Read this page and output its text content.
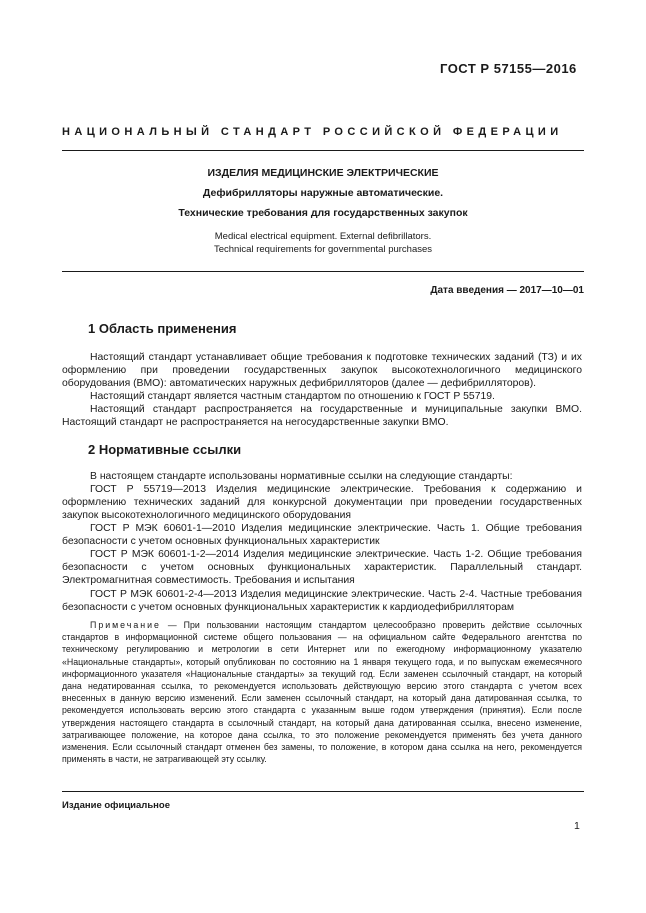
ГОСТ Р 57155—2016
НАЦИОНАЛЬНЫЙ СТАНДАРТ РОССИЙСКОЙ ФЕДЕРАЦИИ
ИЗДЕЛИЯ МЕДИЦИНСКИЕ ЭЛЕКТРИЧЕСКИЕ
Дефибрилляторы наружные автоматические.
Технические требования для государственных закупок
Medical electrical equipment. External defibrillators.
Technical requirements for governmental purchases
Дата введения — 2017—10—01
1 Область применения

Настоящий стандарт устанавливает общие требования к подготовке технических заданий (ТЗ) и их оформлению при проведении государственных закупок высокотехнологичного медицинского оборудования (ВМО): автоматических наружных дефибрилляторов (далее — дефибрилляторов).

Настоящий стандарт является частным стандартом по отношению к ГОСТ Р 55719.

Настоящий стандарт распространяется на государственные и муниципальные закупки ВМО. Настоящий стандарт не распространяется на негосударственные закупки ВМО.

2 Нормативные ссылки

В настоящем стандарте использованы нормативные ссылки на следующие стандарты:

ГОСТ Р 55719—2013 Изделия медицинские электрические. Требования к содержанию и оформлению технических заданий для конкурсной документации при проведении государственных закупок высокотехнологичного медицинского оборудования

ГОСТ Р МЭК 60601-1—2010 Изделия медицинские электрические. Часть 1. Общие требования безопасности с учетом основных функциональных характеристик

ГОСТ Р МЭК 60601-1-2—2014 Изделия медицинские электрические. Часть 1-2. Общие требования безопасности с учетом основных функциональных характеристик. Параллельный стандарт. Электромагнитная совместимость. Требования и испытания

ГОСТ Р МЭК 60601-2-4—2013 Изделия медицинские электрические. Часть 2-4. Частные требования безопасности с учетом основных функциональных характеристик к кардиодефибрилляторам

Примечание — При пользовании настоящим стандартом целесообразно проверить действие ссылочных стандартов в информационной системе общего пользования — на официальном сайте Федерального агентства по техническому регулированию и метрологии в сети Интернет или по ежегодному информационному указателю «Национальные стандарты», который опубликован по состоянию на 1 января текущего года, и по выпускам ежемесячного информационного указателя «Национальные стандарты» за текущий год. Если заменен ссылочный стандарт, на который дана недатированная ссылка, то рекомендуется использовать действующую версию этого стандарта с учетом всех внесенных в данную версию изменений. Если заменен ссылочный стандарт, на который дана датированная ссылка, то рекомендуется использовать версию этого стандарта с указанным выше годом утверждения (принятия). Если после утверждения настоящего стандарта в ссылочный стандарт, на который дана датированная ссылка, внесено изменение, затрагивающее положение, на которое дана ссылка, то это положение рекомендуется применять без учета данного изменения. Если ссылочный стандарт отменен без замены, то положение, в котором дана ссылка на него, рекомендуется применять в части, не затрагивающей эту ссылку.

Издание официальное
1
